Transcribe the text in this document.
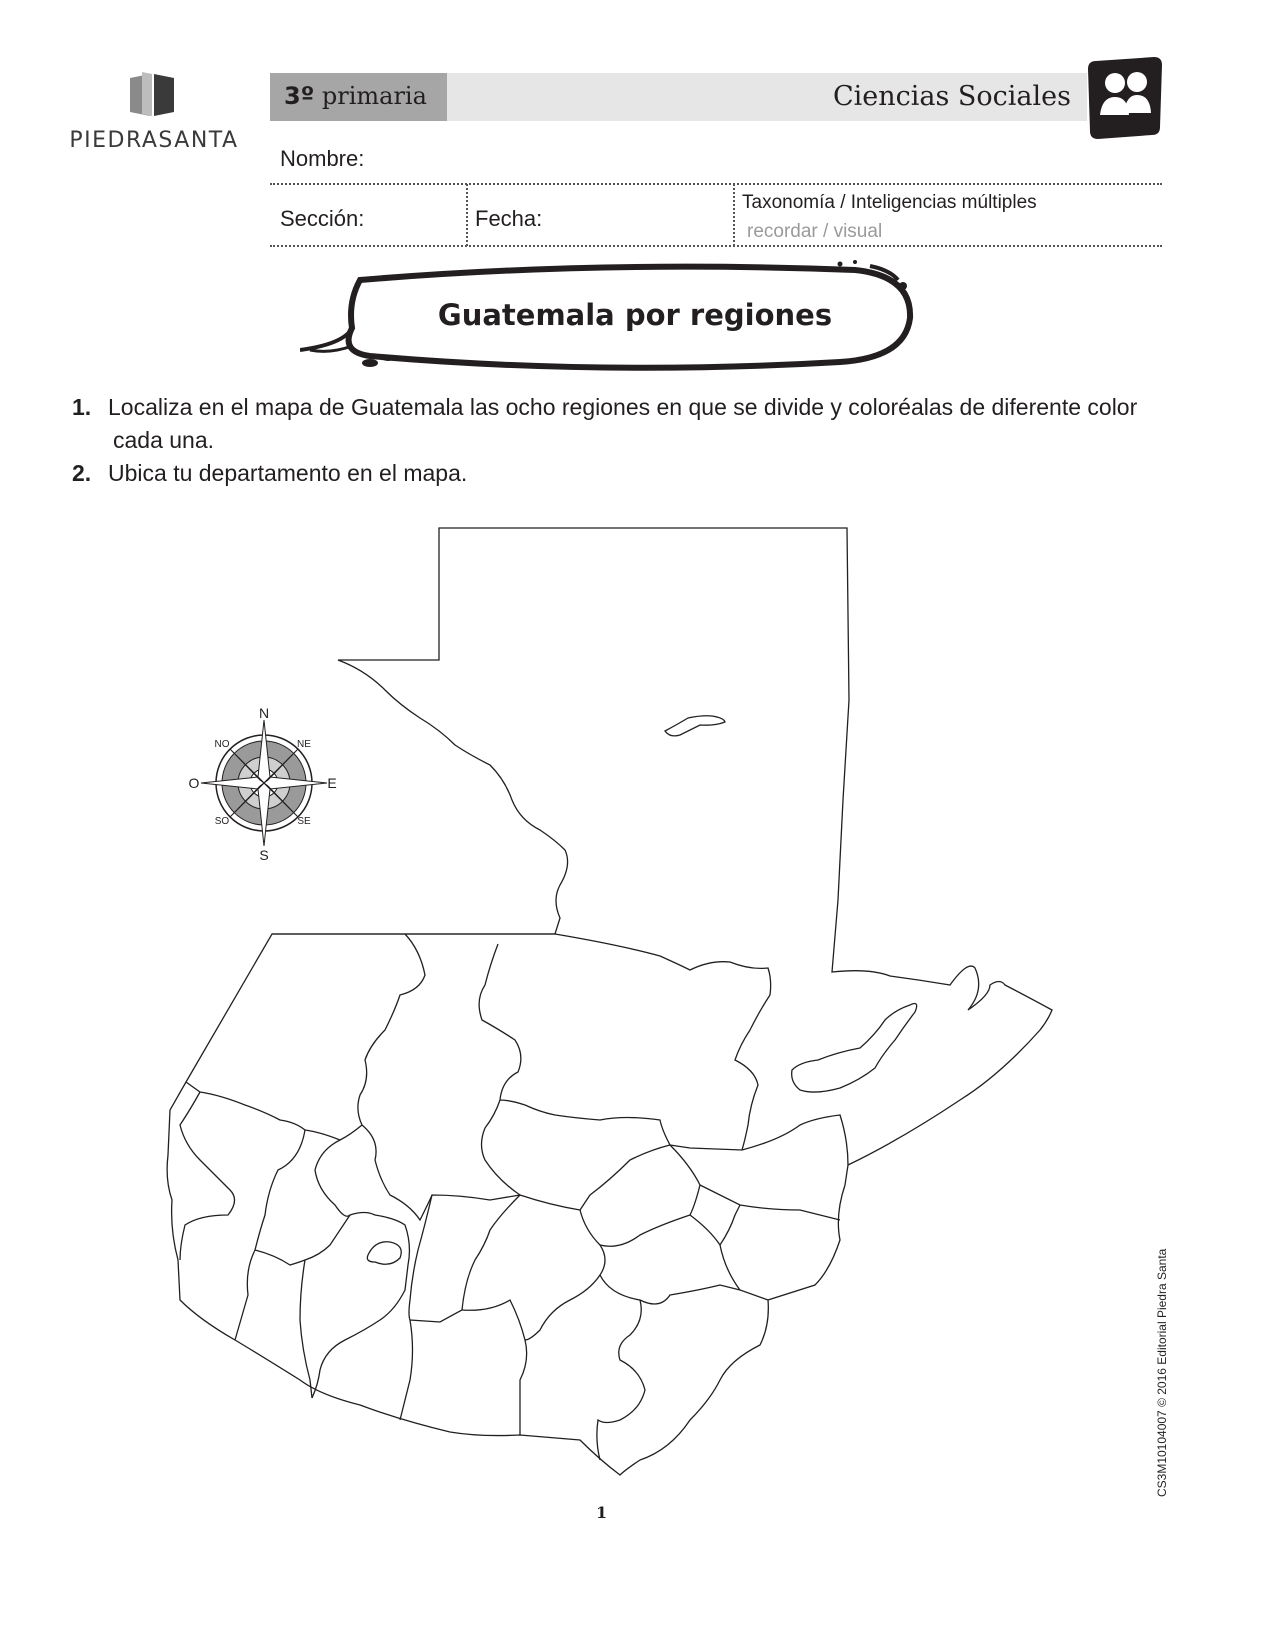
PIEDRASANTA
3º primaria	Ciencias Sociales
Nombre:
Sección:	Fecha:
Taxonomía / Inteligencias múltiples
recordar / visual
Guatemala por regiones
1. Localiza en el mapa de Guatemala las ocho regiones en que se divide y coloréalas de diferente color
cada una.
2. Ubica tu departamento en el mapa.
N
S
O	E
NO	NE
SO	SE
1
CS3M10104007 © 2016 Editorial Piedra Santa
